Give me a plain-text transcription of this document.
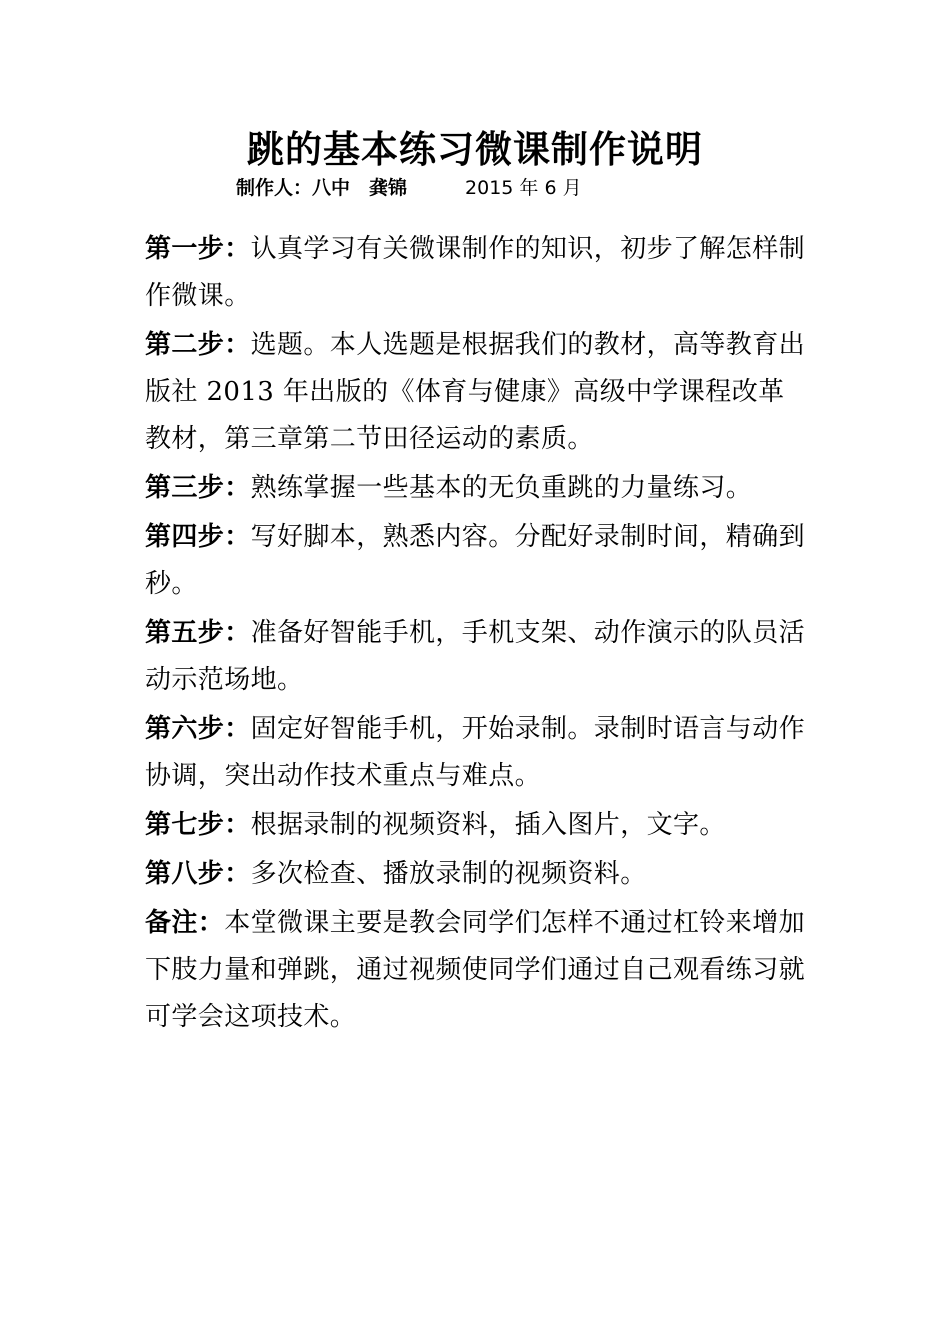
跳的基本练习微课制作说明
制作人：八中　龚锦	2015 年 6 月

第一步：认真学习有关微课制作的知识，初步了解怎样制作微课。

第二步：选题。本人选题是根据我们的教材，高等教育出版社 2013 年出版的《体育与健康》高级中学课程改革教材，第三章第二节田径运动的素质。

第三步：熟练掌握一些基本的无负重跳的力量练习。

第四步：写好脚本，熟悉内容。分配好录制时间，精确到秒。

第五步：准备好智能手机，手机支架、动作演示的队员活动示范场地。

第六步：固定好智能手机，开始录制。录制时语言与动作协调，突出动作技术重点与难点。

第七步：根据录制的视频资料，插入图片，文字。

第八步：多次检查、播放录制的视频资料。

备注：本堂微课主要是教会同学们怎样不通过杠铃来增加下肢力量和弹跳，通过视频使同学们通过自己观看练习就可学会这项技术。
